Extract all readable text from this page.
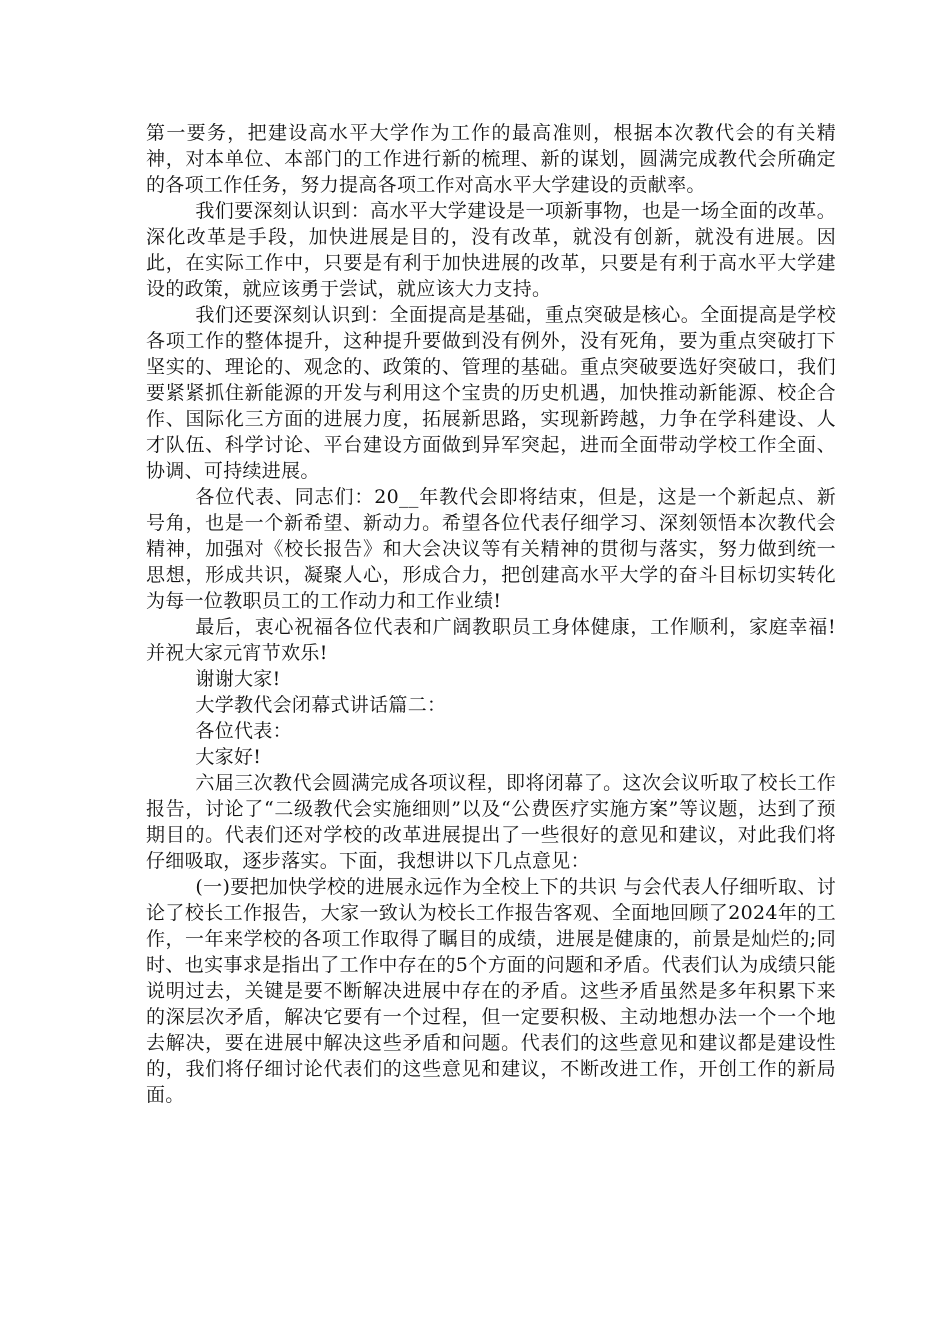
第一要务，把建设高水平大学作为工作的最高准则，根据本次教代会的有关精神，对本单位、本部门的工作进行新的梳理、新的谋划，圆满完成教代会所确定的各项工作任务，努力提高各项工作对高水平大学建设的贡献率。

我们要深刻认识到：高水平大学建设是一项新事物，也是一场全面的改革。深化改革是手段，加快进展是目的，没有改革，就没有创新，就没有进展。因此，在实际工作中，只要是有利于加快进展的改革，只要是有利于高水平大学建设的政策，就应该勇于尝试，就应该大力支持。

我们还要深刻认识到：全面提高是基础，重点突破是核心。全面提高是学校各项工作的整体提升，这种提升要做到没有例外，没有死角，要为重点突破打下坚实的、理论的、观念的、政策的、管理的基础。重点突破要选好突破口，我们要紧紧抓住新能源的开发与利用这个宝贵的历史机遇，加快推动新能源、校企合作、国际化三方面的进展力度，拓展新思路，实现新跨越，力争在学科建设、人才队伍、科学讨论、平台建设方面做到异军突起，进而全面带动学校工作全面、协调、可持续进展。

各位代表、同志们：20__年教代会即将结束，但是，这是一个新起点、新号角，也是一个新希望、新动力。希望各位代表仔细学习、深刻领悟本次教代会精神，加强对《校长报告》和大会决议等有关精神的贯彻与落实，努力做到统一思想，形成共识，凝聚人心，形成合力，把创建高水平大学的奋斗目标切实转化为每一位教职员工的工作动力和工作业绩!

最后，衷心祝福各位代表和广阔教职员工身体健康，工作顺利，家庭幸福!并祝大家元宵节欢乐!

谢谢大家!

大学教代会闭幕式讲话篇二：

各位代表：

大家好!

六届三次教代会圆满完成各项议程，即将闭幕了。这次会议听取了校长工作报告，讨论了“二级教代会实施细则”以及“公费医疗实施方案”等议题，达到了预期目的。代表们还对学校的改革进展提出了一些很好的意见和建议，对此我们将仔细吸取，逐步落实。下面，我想讲以下几点意见：

(一)要把加快学校的进展永远作为全校上下的共识 与会代表人仔细听取、讨论了校长工作报告，大家一致认为校长工作报告客观、全面地回顾了2024年的工作，一年来学校的各项工作取得了瞩目的成绩，进展是健康的，前景是灿烂的;同时、也实事求是指出了工作中存在的5个方面的问题和矛盾。代表们认为成绩只能说明过去，关键是要不断解决进展中存在的矛盾。这些矛盾虽然是多年积累下来的深层次矛盾，解决它要有一个过程，但一定要积极、主动地想办法一个一个地去解决，要在进展中解决这些矛盾和问题。代表们的这些意见和建议都是建设性的，我们将仔细讨论代表们的这些意见和建议，不断改进工作，开创工作的新局面。
